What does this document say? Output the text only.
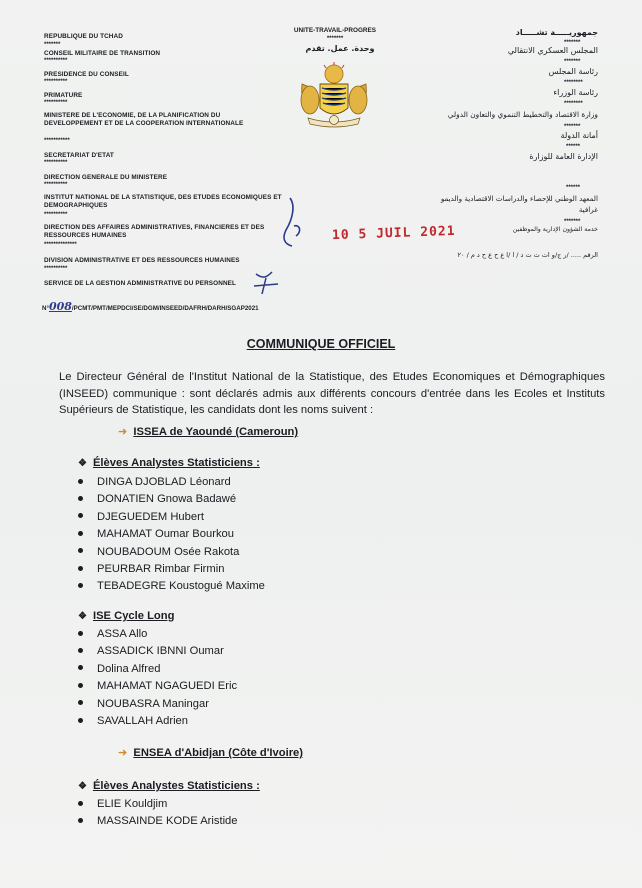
REPUBLIQUE DU TCHAD
*******
CONSEIL MILITAIRE DE TRANSITION
**********
PRESIDENCE DU CONSEIL
**********
PRIMATURE
**********
MINISTERE DE L'ECONOMIE, DE LA PLANIFICATION DU DEVELOPPEMENT ET DE LA COOPERATION INTERNATIONALE
***********
SECRETARIAT D'ETAT
**********
DIRECTION GENERALE DU MINISTERE
**********
INSTITUT NATIONAL DE LA STATISTIQUE, DES ETUDES ECONOMIQUES ET DEMOGRAPHIQUES
**********
DIRECTION DES AFFAIRES ADMINISTRATIVES, FINANCIERES ET DES RESSOURCES HUMAINES
**************
DIVISION ADMINISTRATIVE ET DES RESSOURCES HUMAINES
**********
SERVICE DE LA GESTION ADMINISTRATIVE DU PERSONNEL
UNITE-TRAVAIL-PROGRES
*******
وحدة. عمل. تقدم
جمهوريـــــة تشـــــاد
*******
المجلس العسكري الانتقالي
*******
رئاسة المجلس
********
رئاسة الوزراء
********
وزارة الاقتصاد والتخطيط التنموي والتعاون الدولي
*******
أمانة الدولة
******
الإدارة العامة للوزارة
******
المعهد الوطني للإحصاء والدراسات الاقتصادية والديمو غرافية
*******
خدمة الشؤون الإدارية والموظفين
الرقم ..... /ر ج/و ات ت ت د / ا /ا ع ح ع ح د م / ۲۰
10 5 JUIL 2021
N°008/PCMT/PMT/MEPDCI/SE/DGM/INSEED/DAFRH/DARH/SGAP2021
COMMUNIQUE OFFICIEL
Le Directeur Général de l'Institut National de la Statistique, des Etudes Economiques et Démographiques (INSEED) communique : sont déclarés admis aux différents concours d'entrée dans les Ecoles et Instituts Supérieurs de Statistique, les candidats dont les noms suivent :
➜ ISSEA de Yaoundé (Cameroun)
❖ Élèves Analystes Statisticiens :
DINGA DJOBLAD Léonard
DONATIEN Gnowa Badawé
DJEGUEDEM Hubert
MAHAMAT Oumar Bourkou
NOUBADOUM Osée Rakota
PEURBAR Rimbar Firmin
TEBADEGRE Koustogué Maxime
❖ ISE Cycle Long
ASSA Allo
ASSADICK IBNNI Oumar
Dolina Alfred
MAHAMAT NGAGUEDI Eric
NOUBASRA Maningar
SAVALLAH Adrien
➜ ENSEA d'Abidjan (Côte d'Ivoire)
❖ Élèves Analystes Statisticiens :
ELIE Kouldjim
MASSAINDE KODE Aristide
